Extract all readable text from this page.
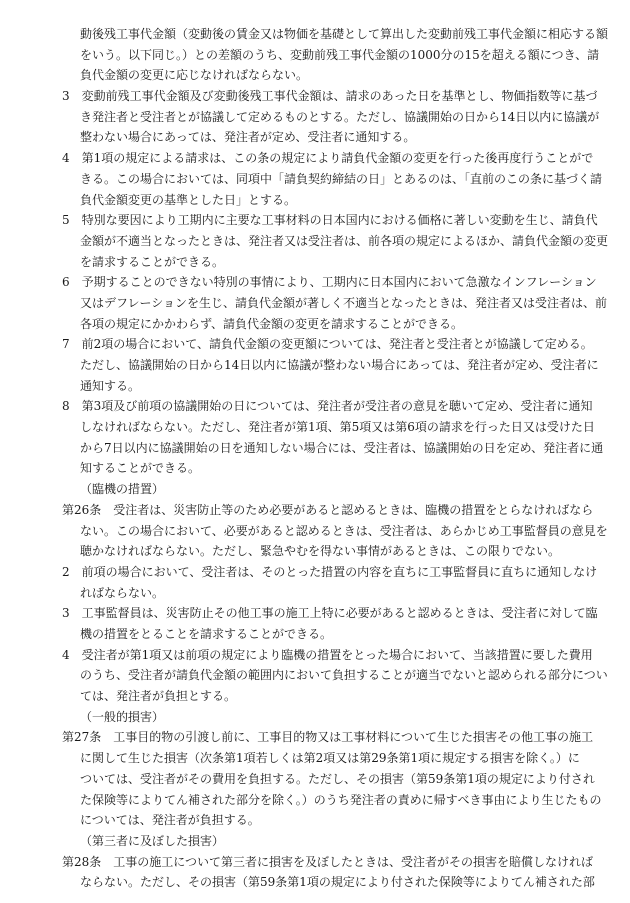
動後残工事代金額（変動後の賃金又は物価を基礎として算出した変動前残工事代金額に相応する額
をいう。以下同じ。）との差額のうち、変動前残工事代金額の1000分の15を超える額につき、請
負代金額の変更に応じなければならない。
3　変動前残工事代金額及び変動後残工事代金額は、請求のあった日を基準とし、物価指数等に基づ
き発注者と受注者とが協議して定めるものとする。ただし、協議開始の日から14日以内に協議が
整わない場合にあっては、発注者が定め、受注者に通知する。
4　第1項の規定による請求は、この条の規定により請負代金額の変更を行った後再度行うことがで
きる。この場合においては、同項中「請負契約締結の日」とあるのは、「直前のこの条に基づく請
負代金額変更の基準とした日」とする。
5　特別な要因により工期内に主要な工事材料の日本国内における価格に著しい変動を生じ、請負代
金額が不適当となったときは、発注者又は受注者は、前各項の規定によるほか、請負代金額の変更
を請求することができる。
6　予期することのできない特別の事情により、工期内に日本国内において急激なインフレーション
又はデフレーションを生じ、請負代金額が著しく不適当となったときは、発注者又は受注者は、前
各項の規定にかかわらず、請負代金額の変更を請求することができる。
7　前2項の場合において、請負代金額の変更額については、発注者と受注者とが協議して定める。
ただし、協議開始の日から14日以内に協議が整わない場合にあっては、発注者が定め、受注者に
通知する。
8　第3項及び前項の協議開始の日については、発注者が受注者の意見を聴いて定め、受注者に通知
しなければならない。ただし、発注者が第1項、第5項又は第6項の請求を行った日又は受けた日
から7日以内に協議開始の日を通知しない場合には、受注者は、協議開始の日を定め、発注者に通
知することができる。
（臨機の措置）
第26条　受注者は、災害防止等のため必要があると認めるときは、臨機の措置をとらなければなら
ない。この場合において、必要があると認めるときは、受注者は、あらかじめ工事監督員の意見を
聴かなければならない。ただし、緊急やむを得ない事情があるときは、この限りでない。
2　前項の場合において、受注者は、そのとった措置の内容を直ちに工事監督員に直ちに通知しなけ
ればならない。
3　工事監督員は、災害防止その他工事の施工上特に必要があると認めるときは、受注者に対して臨
機の措置をとることを請求することができる。
4　受注者が第1項又は前項の規定により臨機の措置をとった場合において、当該措置に要した費用
のうち、受注者が請負代金額の範囲内において負担することが適当でないと認められる部分につい
ては、発注者が負担とする。
（一般的損害）
第27条　工事目的物の引渡し前に、工事目的物又は工事材料について生じた損害その他工事の施工
に関して生じた損害（次条第1項若しくは第2項又は第29条第1項に規定する損害を除く。）に
ついては、受注者がその費用を負担する。ただし、その損害（第59条第1項の規定により付され
た保険等によりてん補された部分を除く。）のうち発注者の責めに帰すべき事由により生じたもの
については、発注者が負担する。
（第三者に及ぼした損害）
第28条　工事の施工について第三者に損害を及ぼしたときは、受注者がその損害を賠償しなければ
ならない。ただし、その損害（第59条第1項の規定により付された保険等によりてん補された部
